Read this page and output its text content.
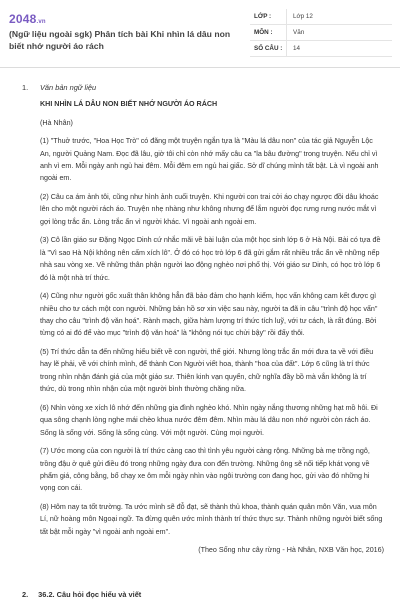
2048.vn
(Ngữ liệu ngoài sgk) Phân tích bài Khi nhìn lá dâu non biết nhớ người áo rách
LỚP :	Lớp 12
MÔN :	Văn
SỐ CÂU :	14
1. Văn bản ngữ liệu

KHI NHÌN LÁ DÂU NON BIẾT NHỚ NGƯỜI ÁO RÁCH

(Hà Nhân)

(1) "Thuở trước, "Hoa Học Trò" có đăng một truyện ngắn tựa là "Màu lá dâu non" của tác giả Nguyễn Lộc An, người Quảng Nam. Đọc đã lâu, giờ tôi chỉ còn nhớ mấy câu ca "la bâu đường" trong truyện. Nếu chỉ vì anh vì em. Mỗi ngày anh ngủ hai đêm. Mỗi đêm em ngủ hai giấc. Sở dĩ chúng mình tất bật. Là vì ngoài anh ngoài em.

(2) Câu ca ám ảnh tôi, cũng như hình ảnh cuối truyện. Khi người con trai cởi áo chạy ngược đồi dâu khoác lên cho một người rách áo. Truyện nhẹ nhàng như không nhưng để lắm người đọc rưng rưng nước mắt vì gợi lòng trắc ẩn. Lòng trắc ẩn vì người khác. Vì ngoài anh ngoài em.

(3) Cô lần giáo sư Đặng Ngọc Dinh cứ nhắc mãi về bài luận của một học sinh lớp 6 ở Hà Nội. Bài có tựa đề là "Vì sao Hà Nội không nên cấm xích lô". Ở đó có học trò lớp 6 đã gửi gắm rất nhiều trắc ẩn về những nếp nhà sau vòng xe. Về những thân phận người lao động nghèo nơi phố thị. Với giáo sư Dinh, có học trò lớp 6 đó là một nhà trí thức.

(4) Cũng như người gốc xuất thân không hẳn đã bảo đảm cho hạnh kiểm, học vấn không cam kết được gì nhiều cho tư cách một con người. Những bản hồ sơ xin việc sau này, người ta đã in câu "trình độ học vấn" thay cho câu "trình độ văn hoá". Rành mạch, giữa hàm lượng trí thức tích luỹ, với tư cách, là rất đúng. Bởi từng có ai đó để vào mục "trình độ văn hoá" là "không nói tục chửi bậy" rồi đấy thôi.

(5) Trí thức dẫn ta đến những hiểu biết về con người, thế giới. Nhưng lòng trắc ẩn mới đưa ta về với điều hay lẽ phải, về với chính mình, để thành Con Người viết hoa, thành "hoa của đất". Lớp 6 cũng là trí thức trong nhìn nhận đánh giá của một giáo sư. Thiên kinh vạn quyển, chữ nghĩa đầy bồ mà vắn không là trí thức, dù trong nhìn nhận của một người bình thường chăng nữa.

(6) Nhìn vòng xe xích lô nhớ đến những gia đình nghèo khó. Nhìn ngày nắng thương những hạt mồ hôi. Đi qua sông chạnh lòng nghe mái chèo khua nước đêm đêm. Nhìn màu lá dâu non nhớ người còn rách áo. Sống là sống với. Sống là sống cùng. Với một người. Cùng mọi người.

(7) Ước mong của con người là trí thức càng cao thì tình yêu người càng rộng. Những bà mẹ trồng ngô, trồng đậu ở quê gửi điều đó trong những ngày đưa con đến trường. Những ông sẽ nối tiếp khát vọng về phẩm giá, công bằng, bổ chạy xe ôm mỗi ngày nhìn vào ngôi trường con đang học, gửi vào đó những hi vọng con cái.

(8) Hôm nay ta tốt trường. Ta ước mình sẽ đỗ đạt, sẽ thành thủ khoa, thành quán quân môn Văn, vua môn Lí, nữ hoàng môn Ngoại ngữ. Ta đừng quên ước mình thành trí thức thực sự. Thành những người biết sống tất bật mỗi ngày "vì ngoài anh ngoài em".

(Theo Sống như cây rừng - Hà Nhân, NXB Văn học, 2016)

2. 36.2. Câu hỏi đọc hiểu và viết
